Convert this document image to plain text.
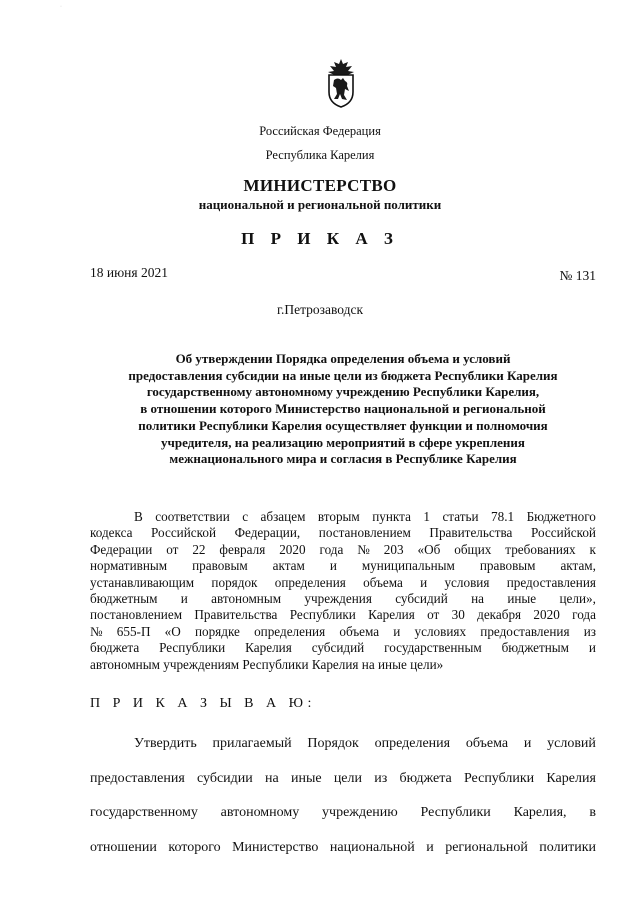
·
Российская Федерация
Республика Карелия
МИНИСТЕРСТВО
национальной и региональной политики
П Р И К А З
18 июня 2021	№ 131
г.Петрозаводск
Об утверждении Порядка определения объема и условий
предоставления субсидии на иные цели из бюджета Республики Карелия
государственному автономному учреждению Республики Карелия,
в отношении которого Министерство национальной и региональной
политики Республики Карелия осуществляет функции и полномочия
учредителя, на реализацию мероприятий в сфере укрепления
межнационального мира и согласия в Республике Карелия
В соответствии с абзацем вторым пункта 1 статьи 78.1 Бюджетного
кодекса Российской Федерации, постановлением Правительства Российской
Федерации от 22 февраля 2020 года № 203 «Об общих требованиях к
нормативным правовым актам и муниципальным правовым актам,
устанавливающим порядок определения объема и условия предоставления
бюджетным и автономным учреждения субсидий на иные цели»,
постановлением Правительства Республики Карелия от 30 декабря 2020 года
№ 655-П «О порядке определения объема и условиях предоставления из
бюджета Республики Карелия субсидий государственным бюджетным и
автономным учреждениям Республики Карелия на иные цели»
П Р И К А З Ы В А Ю:
Утвердить прилагаемый Порядок определения объема и условий
предоставления субсидии на иные цели из бюджета Республики Карелия
государственному автономному учреждению Республики Карелия, в
отношении которого Министерство национальной и региональной политики
